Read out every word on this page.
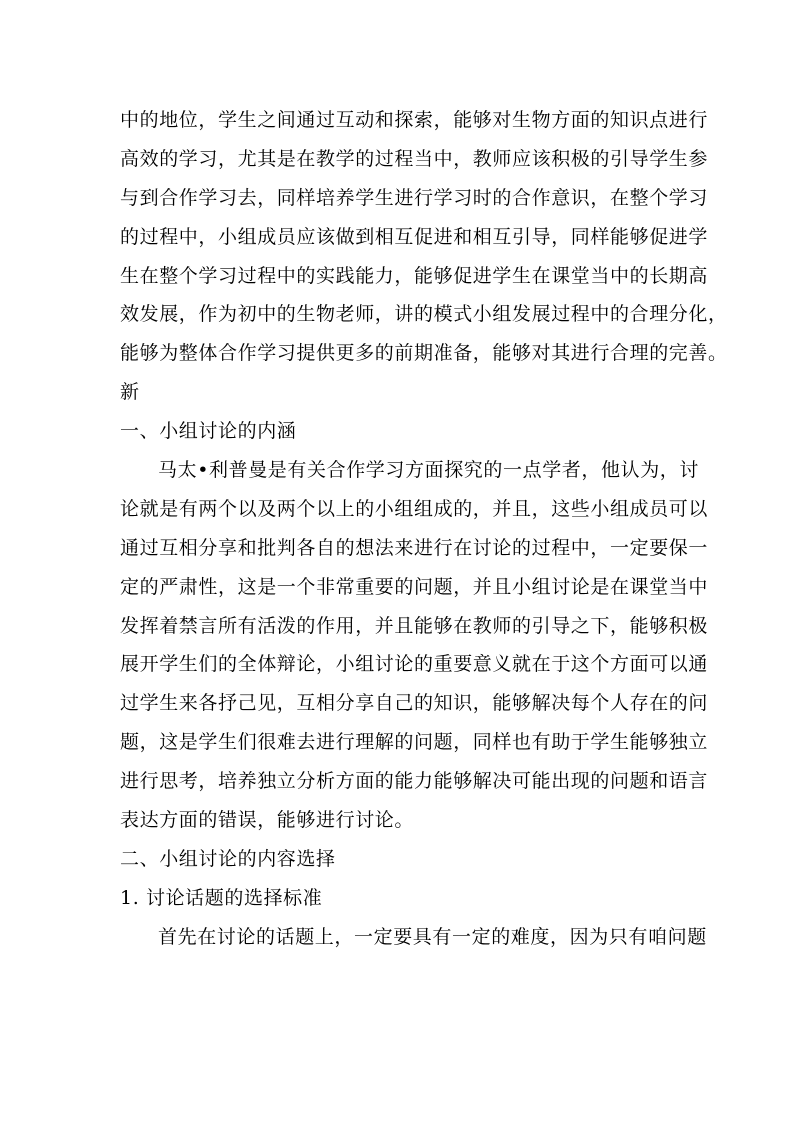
中的地位，学生之间通过互动和探索，能够对生物方面的知识点进行
高效的学习，尤其是在教学的过程当中，教师应该积极的引导学生参
与到合作学习去，同样培养学生进行学习时的合作意识，在整个学习
的过程中，小组成员应该做到相互促进和相互引导，同样能够促进学
生在整个学习过程中的实践能力，能够促进学生在课堂当中的长期高
效发展，作为初中的生物老师，讲的模式小组发展过程中的合理分化，
能够为整体合作学习提供更多的前期准备，能够对其进行合理的完善。
新
一、小组讨论的内涵
马太•利普曼是有关合作学习方面探究的一点学者，他认为，讨
论就是有两个以及两个以上的小组组成的，并且，这些小组成员可以
通过互相分享和批判各自的想法来进行在讨论的过程中，一定要保一
定的严肃性，这是一个非常重要的问题，并且小组讨论是在课堂当中
发挥着禁言所有活泼的作用，并且能够在教师的引导之下，能够积极
展开学生们的全体辩论，小组讨论的重要意义就在于这个方面可以通
过学生来各抒己见，互相分享自己的知识，能够解决每个人存在的问
题，这是学生们很难去进行理解的问题，同样也有助于学生能够独立
进行思考，培养独立分析方面的能力能够解决可能出现的问题和语言
表达方面的错误，能够进行讨论。
二、小组讨论的内容选择
1. 讨论话题的选择标准
首先在讨论的话题上，一定要具有一定的难度，因为只有咱问题
